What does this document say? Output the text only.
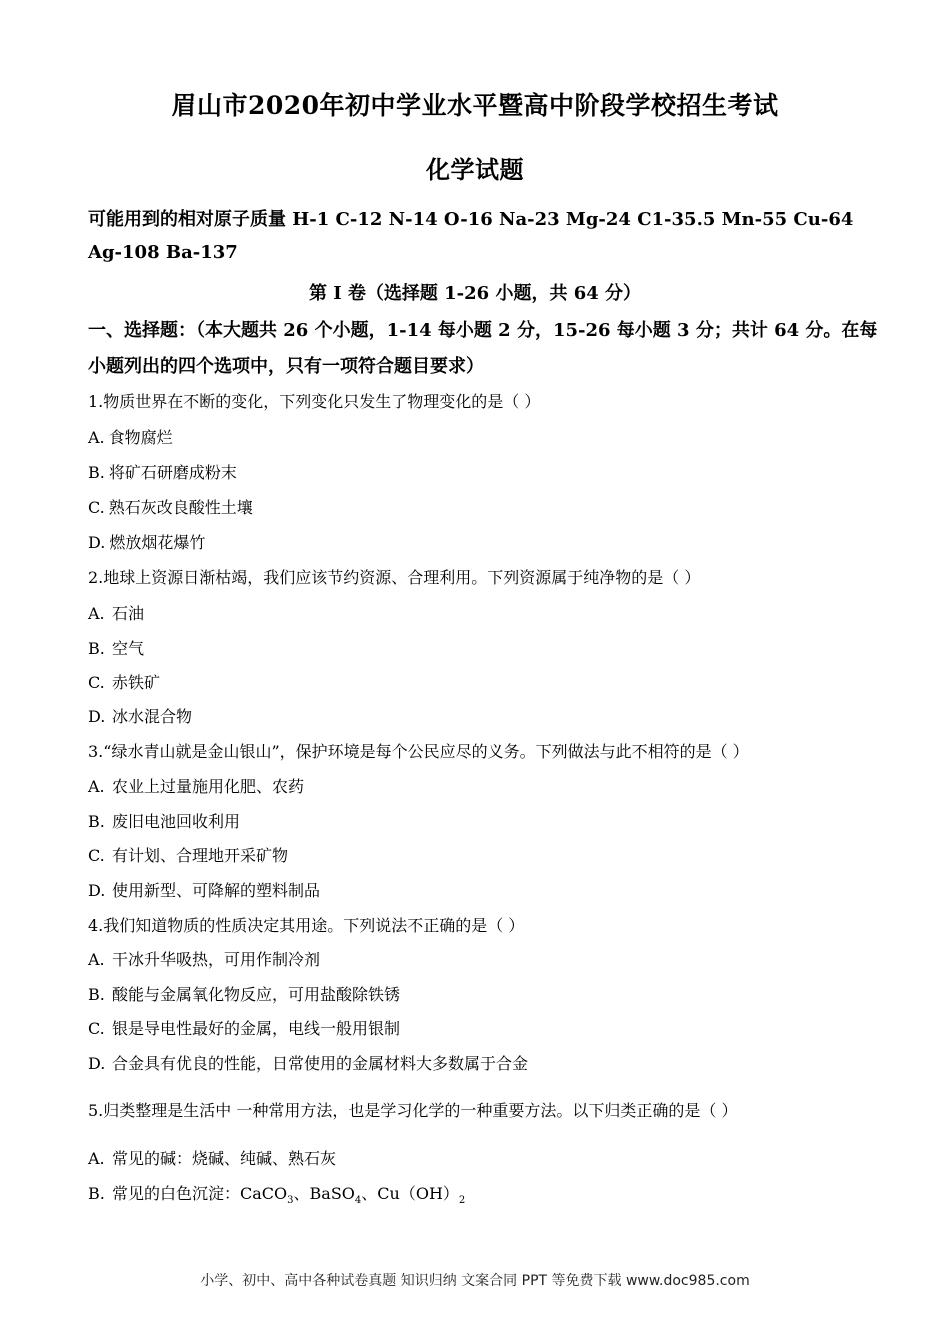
眉山市2020年初中学业水平暨高中阶段学校招生考试
化学试题
可能用到的相对原子质量 H-1 C-12 N-14 O-16 Na-23 Mg-24 C1-35.5 Mn-55 Cu-64
Ag-108 Ba-137
第 I 卷（选择题 1-26 小题，共 64 分）
一、选择题：（本大题共 26 个小题，1-14 每小题 2 分，15-26 每小题 3 分；共计 64 分。在每
小题列出的四个选项中，只有一项符合题目要求）
1.物质世界在不断的变化，下列变化只发生了物理变化的是（ ）
A. 食物腐烂
B. 将矿石研磨成粉末
C. 熟石灰改良酸性土壤
D. 燃放烟花爆竹
2.地球上资源日渐枯竭，我们应该节约资源、合理利用。下列资源属于纯净物的是（ ）
A. 石油
B. 空气
C. 赤铁矿
D. 冰水混合物
3.“绿水青山就是金山银山”，保护环境是每个公民应尽的义务。下列做法与此不相符的是（ ）
A. 农业上过量施用化肥、农药
B. 废旧电池回收利用
C. 有计划、合理地开采矿物
D. 使用新型、可降解的塑料制品
4.我们知道物质的性质决定其用途。下列说法不正确的是（ ）
A. 干冰升华吸热，可用作制冷剂
B. 酸能与金属氧化物反应，可用盐酸除铁锈
C. 银是导电性最好的金属，电线一般用银制
D. 合金具有优良的性能，日常使用的金属材料大多数属于合金
5.归类整理是生活中 一种常用方法，也是学习化学的一种重要方法。以下归类正确的是（ ）
A. 常见的碱：烧碱、纯碱、熟石灰
B. 常见的白色沉淀：CaCO$_3$、BaSO$_4$、$Cu(OH)_2$
小学、初中、高中各种试卷真题 知识归纳 文案合同 PPT 等免费下载 www.doc985.com
